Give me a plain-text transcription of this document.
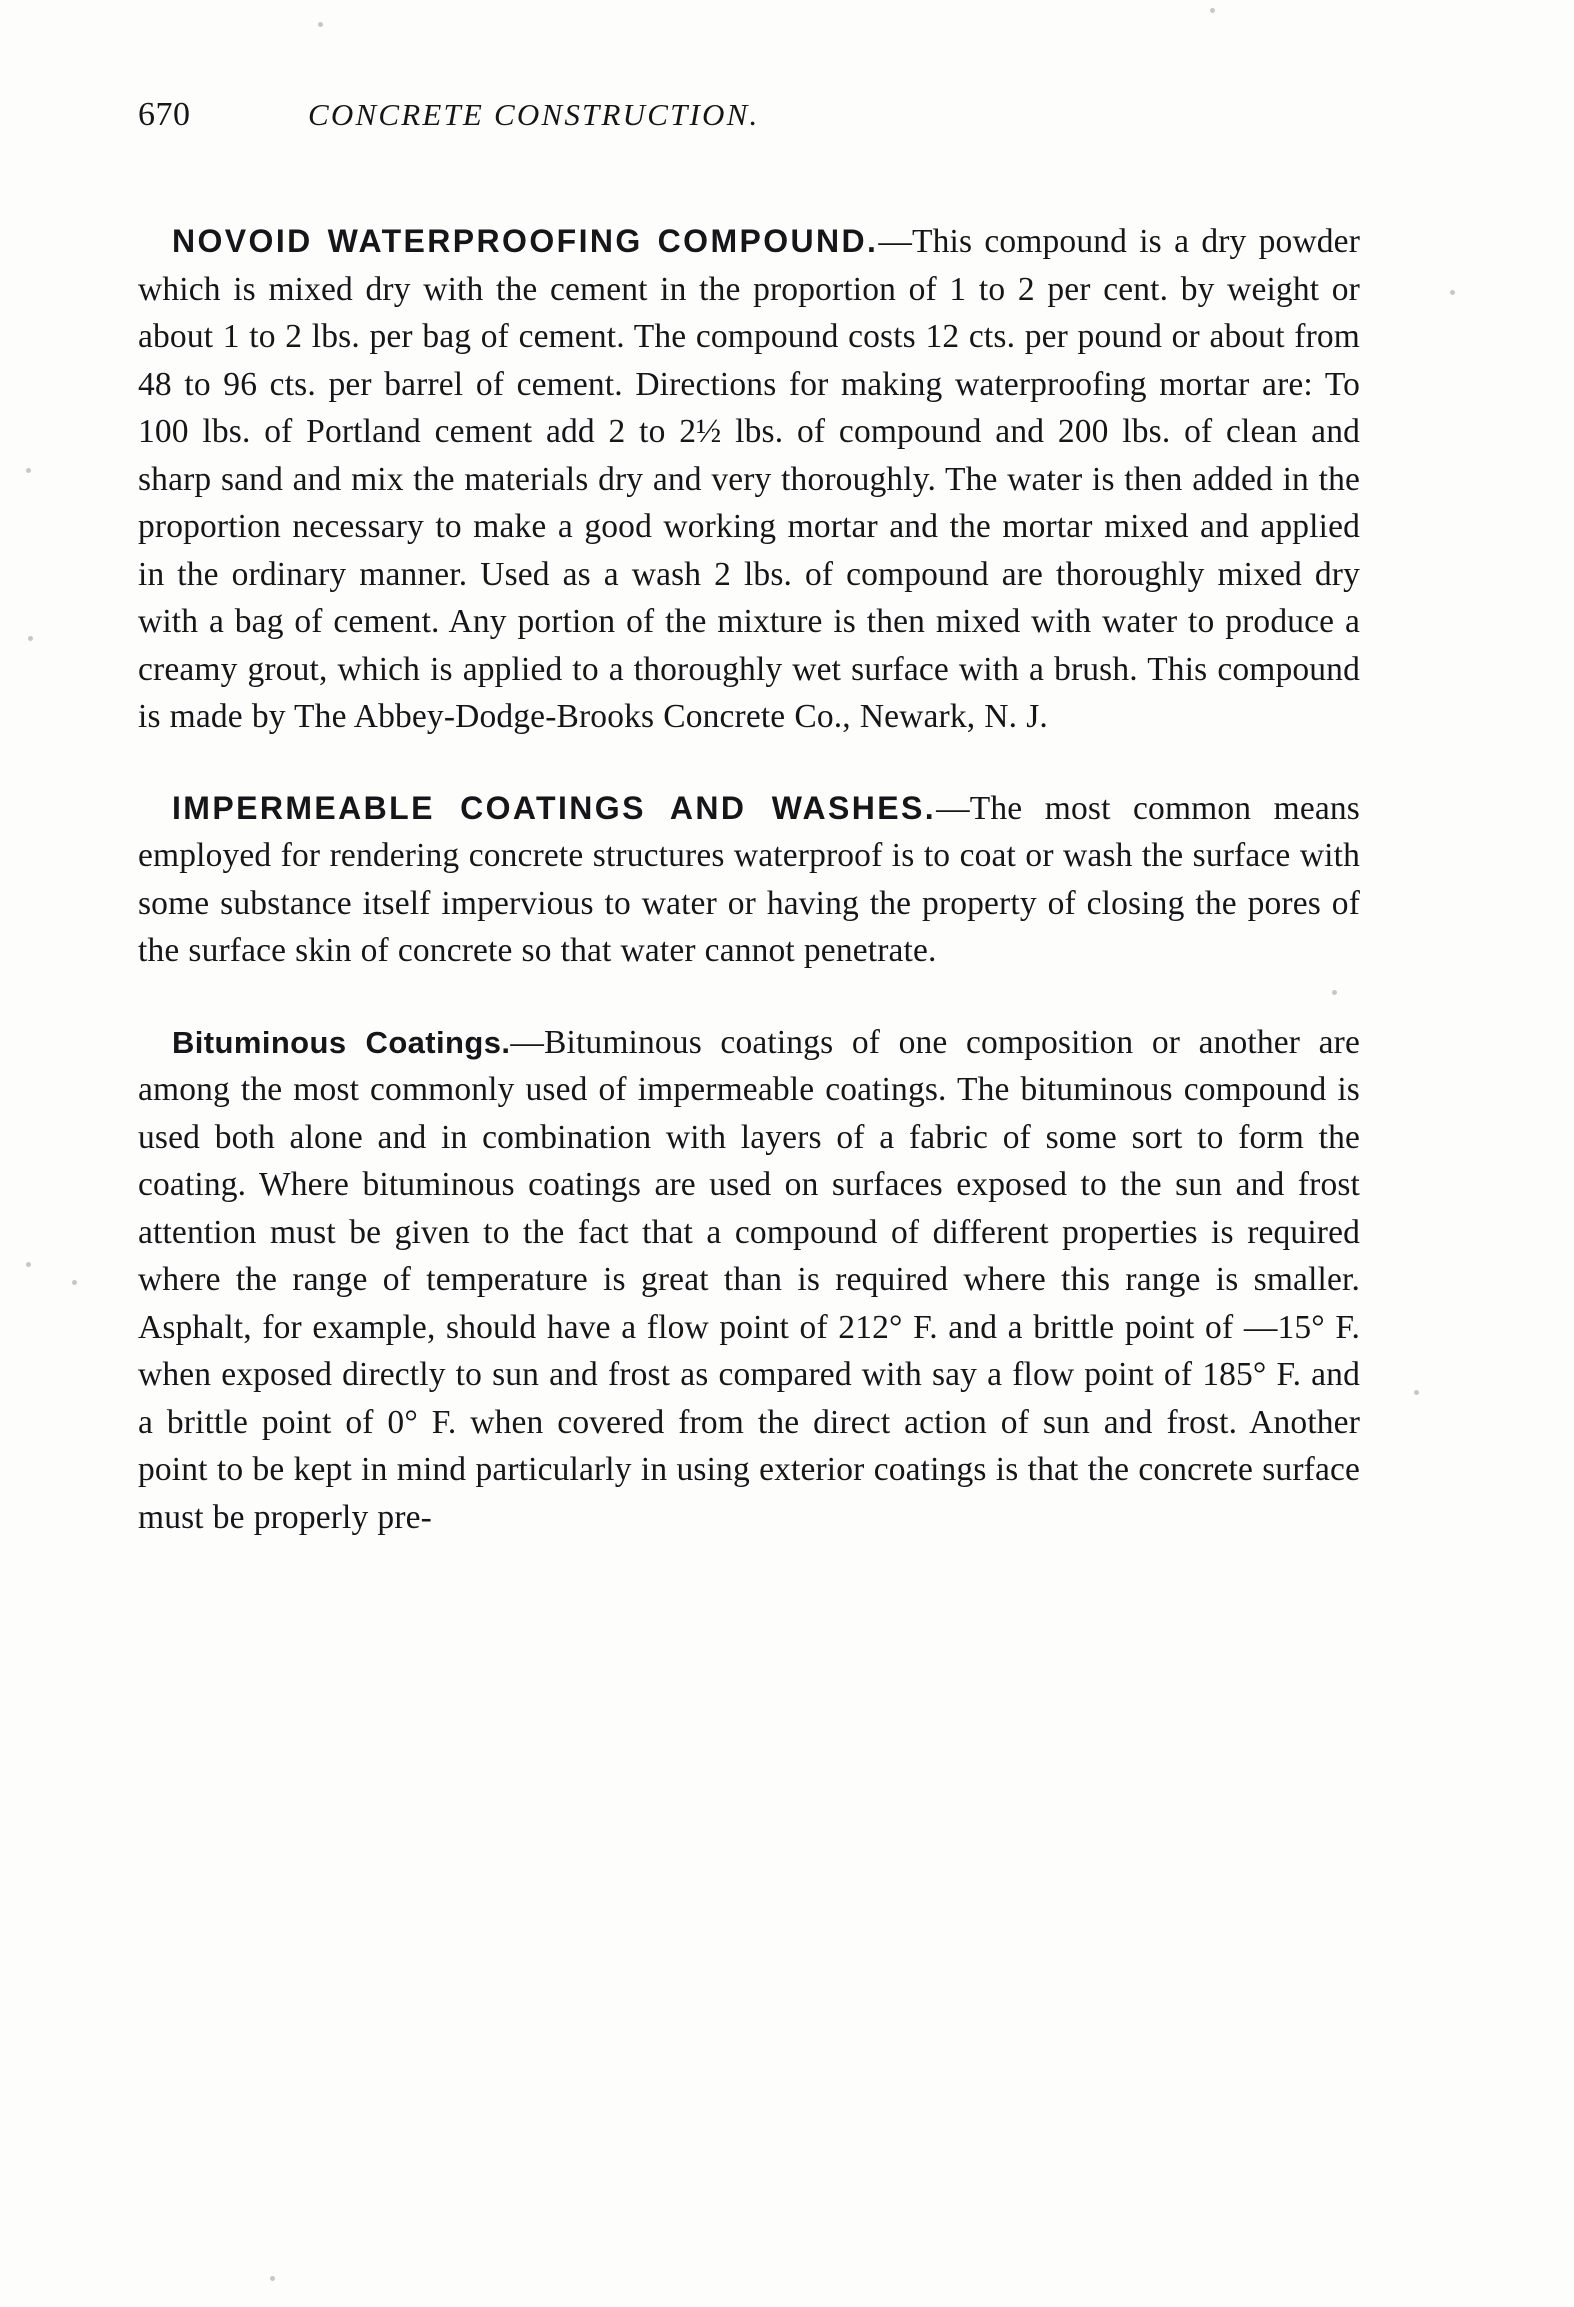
670	CONCRETE CONSTRUCTION.

NOVOID WATERPROOFING COMPOUND.—This compound is a dry powder which is mixed dry with the cement in the proportion of 1 to 2 per cent. by weight or about 1 to 2 lbs. per bag of cement. The compound costs 12 cts. per pound or about from 48 to 96 cts. per barrel of cement. Directions for making waterproofing mortar are: To 100 lbs. of Portland cement add 2 to 2½ lbs. of compound and 200 lbs. of clean and sharp sand and mix the materials dry and very thoroughly. The water is then added in the proportion necessary to make a good working mortar and the mortar mixed and applied in the ordinary manner. Used as a wash 2 lbs. of compound are thoroughly mixed dry with a bag of cement. Any portion of the mixture is then mixed with water to produce a creamy grout, which is applied to a thoroughly wet surface with a brush. This compound is made by The Abbey-Dodge-Brooks Concrete Co., Newark, N. J.

IMPERMEABLE COATINGS AND WASHES.—The most common means employed for rendering concrete structures waterproof is to coat or wash the surface with some substance itself impervious to water or having the property of closing the pores of the surface skin of concrete so that water cannot penetrate.

Bituminous Coatings.—Bituminous coatings of one composition or another are among the most commonly used of impermeable coatings. The bituminous compound is used both alone and in combination with layers of a fabric of some sort to form the coating. Where bituminous coatings are used on surfaces exposed to the sun and frost attention must be given to the fact that a compound of different properties is required where the range of temperature is great than is required where this range is smaller. Asphalt, for example, should have a flow point of 212° F. and a brittle point of —15° F. when exposed directly to sun and frost as compared with say a flow point of 185° F. and a brittle point of 0° F. when covered from the direct action of sun and frost. Another point to be kept in mind particularly in using exterior coatings is that the concrete surface must be properly pre-
